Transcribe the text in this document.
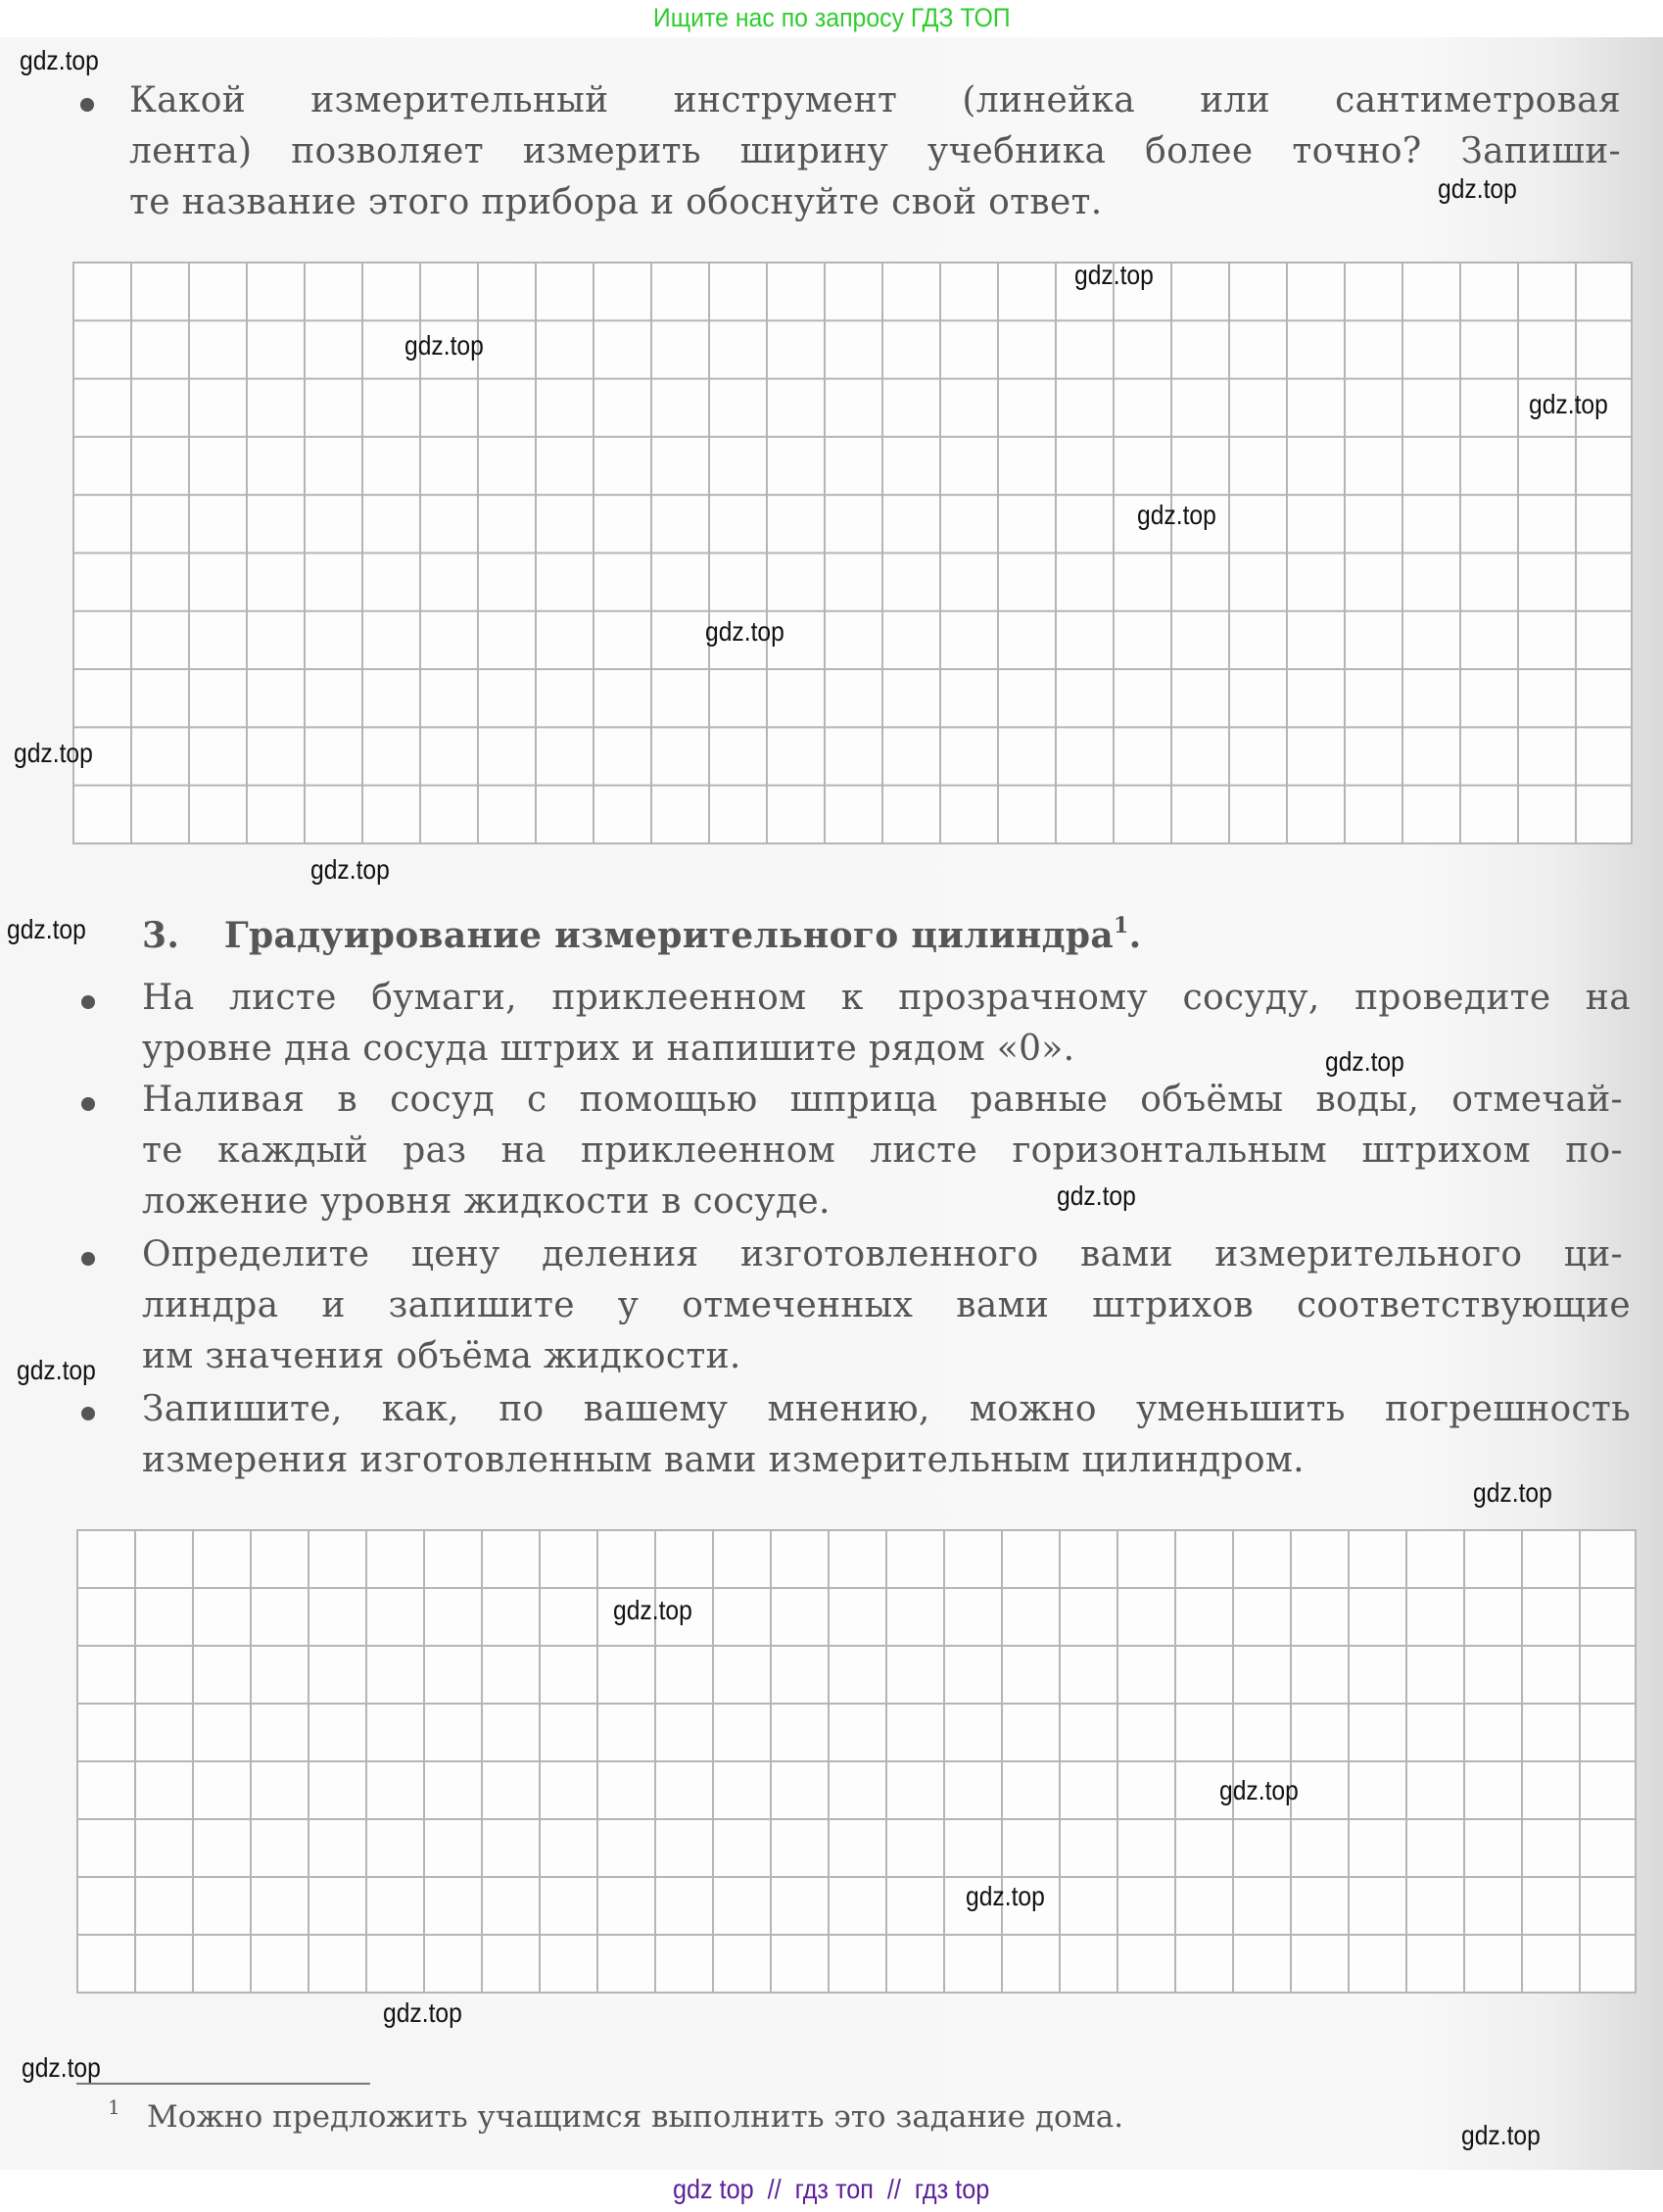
Ищите нас по запросу ГДЗ ТОП
Какой измерительный инструмент (линейка или сантиметровая
лента) позволяет измерить ширину учебника более точно? Запиши-
те название этого прибора и обоснуйте свой ответ.
3. Градуирование измерительного цилиндра$^1$.
На листе бумаги, приклеенном к прозрачному сосуду, проведите на
уровне дна сосуда штрих и напишите рядом «0».
Наливая в сосуд с помощью шприца равные объёмы воды, отмечай-
те каждый раз на приклеенном листе горизонтальным штрихом по-
ложение уровня жидкости в сосуде.
Определите цену деления изготовленного вами измерительного ци-
линдра и запишите у отмеченных вами штрихов соответствующие
им значения объёма жидкости.
Запишите, как, по вашему мнению, можно уменьшить погрешность
измерения изготовленным вами измерительным цилиндром.
1 Можно предложить учащимся выполнить это задание дома.
gdz.top
gdz.top
gdz.top
gdz.top
gdz.top
gdz.top
gdz.top
gdz.top
gdz.top
gdz.top
gdz.top
gdz.top
gdz.top
gdz.top
gdz.top
gdz.top
gdz.top
gdz.top
gdz.top
gdz.top
gdz top  //  гдз топ  //  гдз top
